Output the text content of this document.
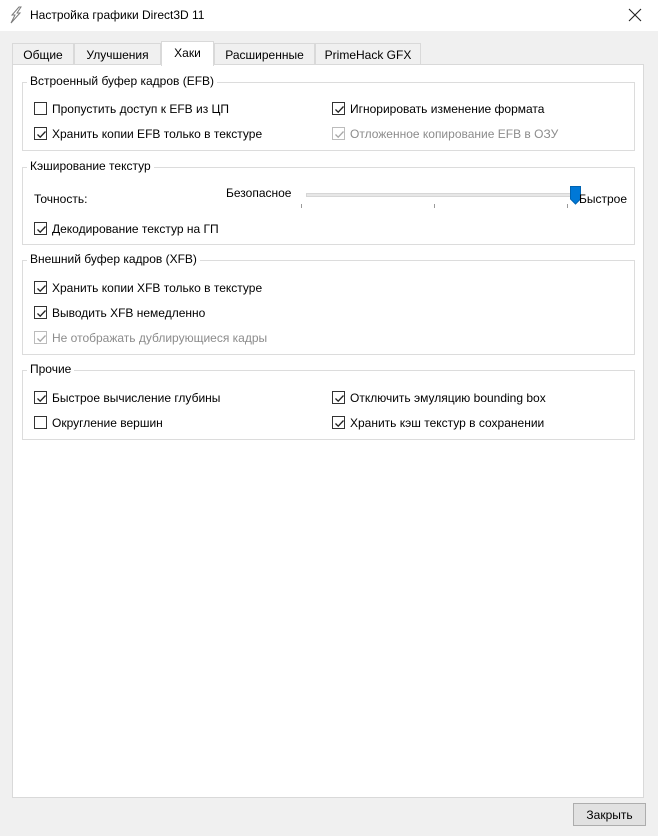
Настройка графики Direct3D 11
Общие	Улучшения	Хаки	Расширенные	PrimeHack GFX
Встроенный буфер кадров (EFB)
Пропустить доступ к EFB из ЦП	Игнорировать изменение формата
Хранить копии EFB только в текстуре	Отложенное копирование EFB в ОЗУ
Кэширование текстур
Точность:	Безопасное	Быстрое
Декодирование текстур на ГП
Внешний буфер кадров (XFB)
Хранить копии XFB только в текстуре
Выводить XFB немедленно
Не отображать дублирующиеся кадры
Прочие
Быстрое вычисление глубины	Отключить эмуляцию bounding box
Округление вершин	Хранить кэш текстур в сохранении
Закрыть
